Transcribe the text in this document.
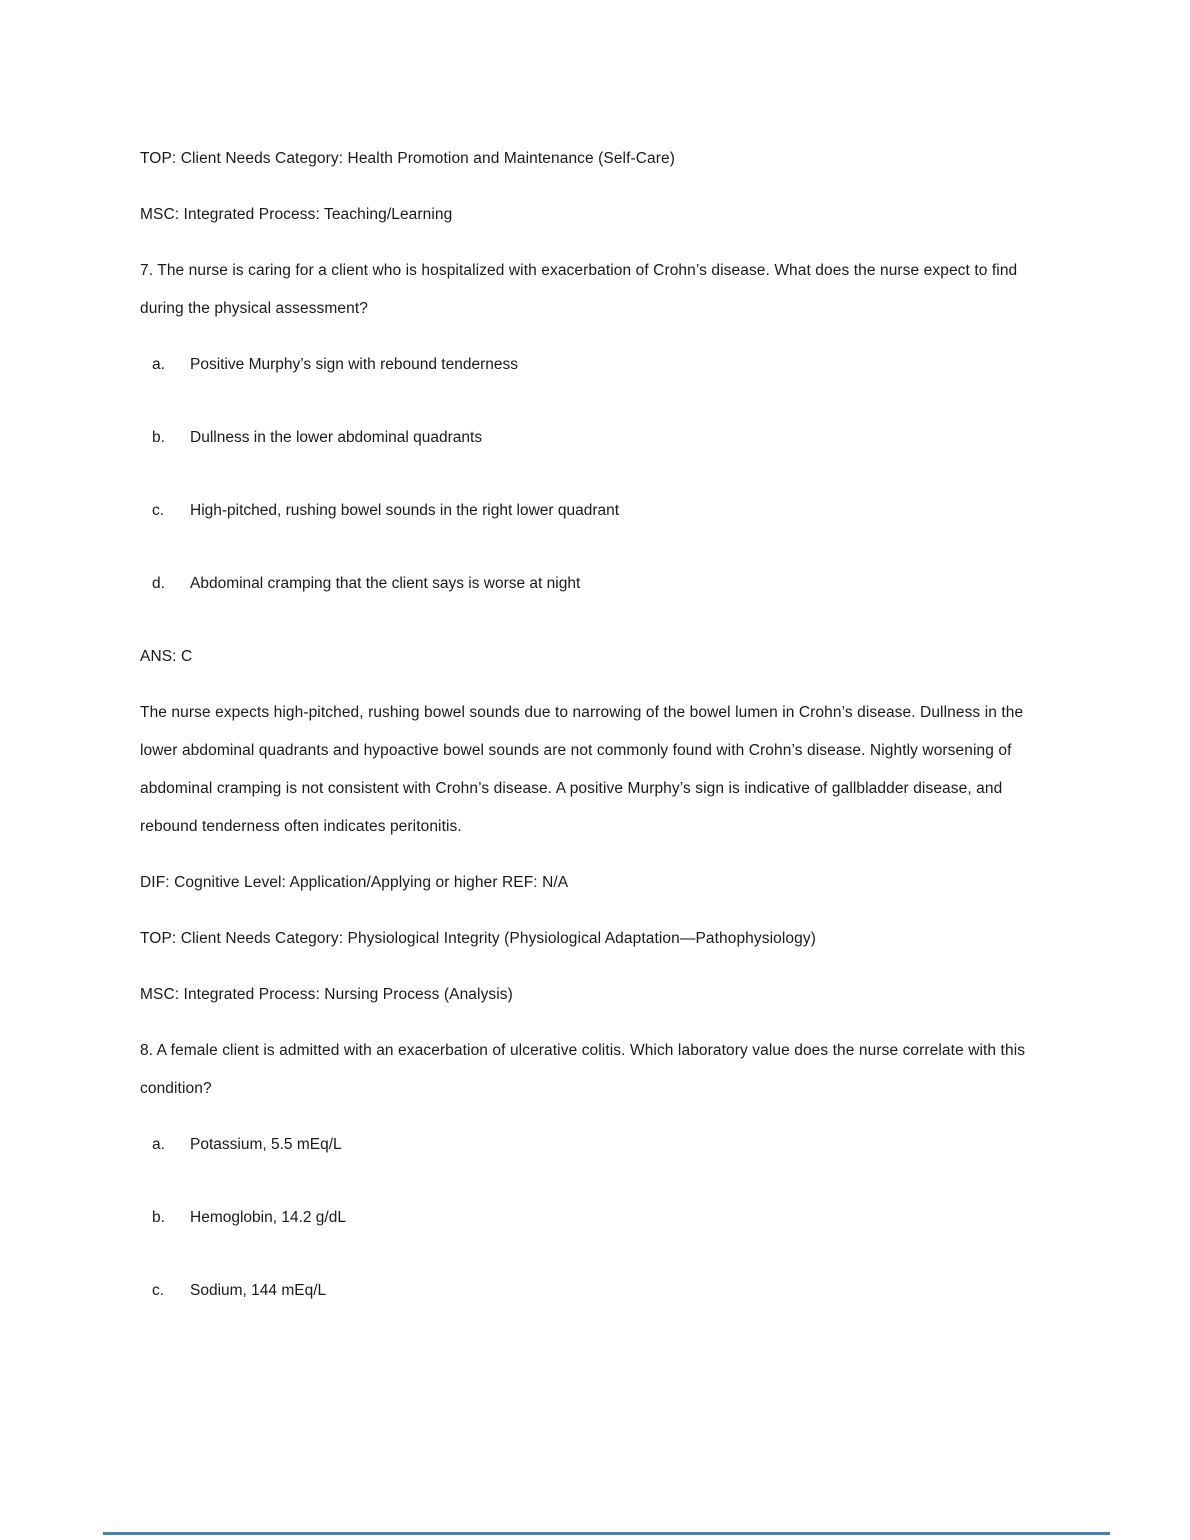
TOP: Client Needs Category: Health Promotion and Maintenance (Self-Care)

MSC: Integrated Process: Teaching/Learning

7. The nurse is caring for a client who is hospitalized with exacerbation of Crohn’s disease. What does the nurse expect to find during the physical assessment?

a.	Positive Murphy’s sign with rebound tenderness
b.	Dullness in the lower abdominal quadrants
c.	High-pitched, rushing bowel sounds in the right lower quadrant
d.	Abdominal cramping that the client says is worse at night

ANS: C

The nurse expects high-pitched, rushing bowel sounds due to narrowing of the bowel lumen in Crohn’s disease. Dullness in the lower abdominal quadrants and hypoactive bowel sounds are not commonly found with Crohn’s disease. Nightly worsening of abdominal cramping is not consistent with Crohn’s disease. A positive Murphy’s sign is indicative of gallbladder disease, and rebound tenderness often indicates peritonitis.

DIF: Cognitive Level: Application/Applying or higher REF: N/A

TOP: Client Needs Category: Physiological Integrity (Physiological Adaptation—Pathophysiology)

MSC: Integrated Process: Nursing Process (Analysis)

8. A female client is admitted with an exacerbation of ulcerative colitis. Which laboratory value does the nurse correlate with this condition?

a.	Potassium, 5.5 mEq/L
b.	Hemoglobin, 14.2 g/dL
c.	Sodium, 144 mEq/L
